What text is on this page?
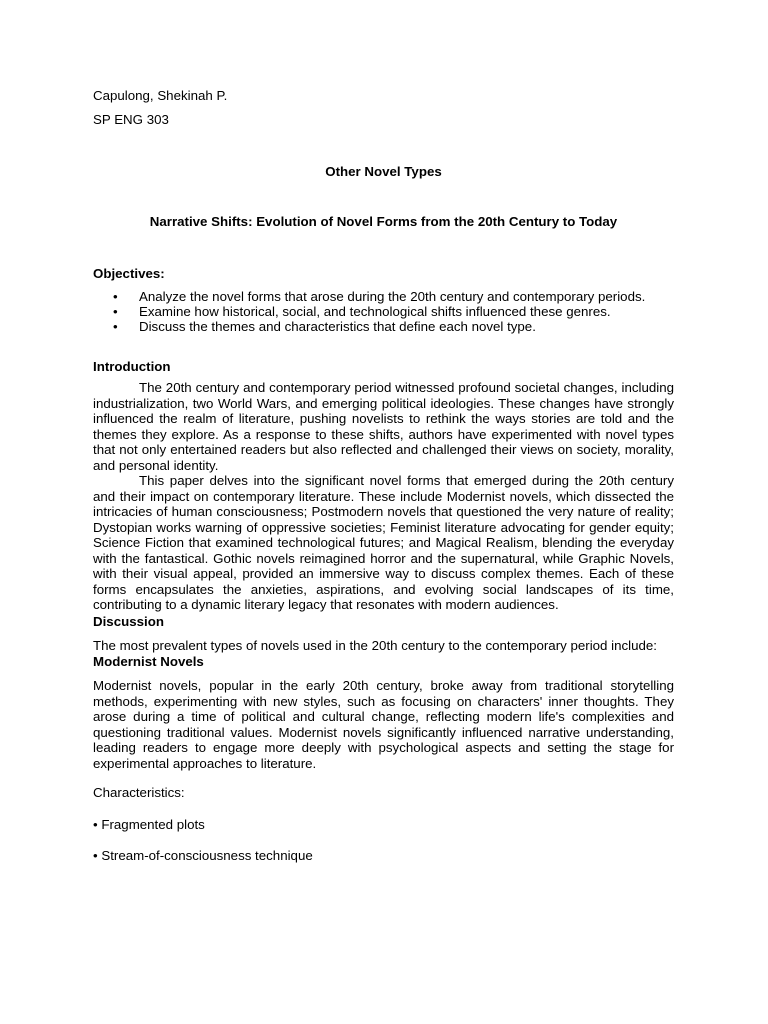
Capulong, Shekinah P.

SP ENG 303

Other Novel Types

Narrative Shifts: Evolution of Novel Forms from the 20th Century to Today

Objectives:

• Analyze the novel forms that arose during the 20th century and contemporary periods.
• Examine how historical, social, and technological shifts influenced these genres.
• Discuss the themes and characteristics that define each novel type.

Introduction

The 20th century and contemporary period witnessed profound societal changes, including industrialization, two World Wars, and emerging political ideologies. These changes have strongly influenced the realm of literature, pushing novelists to rethink the ways stories are told and the themes they explore. As a response to these shifts, authors have experimented with novel types that not only entertained readers but also reflected and challenged their views on society, morality, and personal identity.

This paper delves into the significant novel forms that emerged during the 20th century and their impact on contemporary literature. These include Modernist novels, which dissected the intricacies of human consciousness; Postmodern novels that questioned the very nature of reality; Dystopian works warning of oppressive societies; Feminist literature advocating for gender equity; Science Fiction that examined technological futures; and Magical Realism, blending the everyday with the fantastical. Gothic novels reimagined horror and the supernatural, while Graphic Novels, with their visual appeal, provided an immersive way to discuss complex themes. Each of these forms encapsulates the anxieties, aspirations, and evolving social landscapes of its time, contributing to a dynamic literary legacy that resonates with modern audiences.

Discussion

The most prevalent types of novels used in the 20th century to the contemporary period include:

Modernist Novels

Modernist novels, popular in the early 20th century, broke away from traditional storytelling methods, experimenting with new styles, such as focusing on characters' inner thoughts. They arose during a time of political and cultural change, reflecting modern life's complexities and questioning traditional values. Modernist novels significantly influenced narrative understanding, leading readers to engage more deeply with psychological aspects and setting the stage for experimental approaches to literature.

Characteristics:

• Fragmented plots

• Stream-of-consciousness technique
